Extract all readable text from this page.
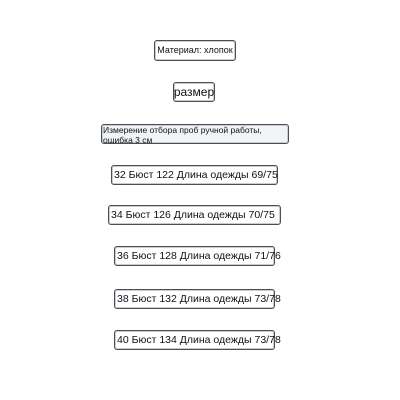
Материал: хлопок
размер
Измерение отбора проб ручной работы, ошибка 3 см
32 Бюст 122 Длина одежды 69/75
34 Бюст 126 Длина одежды 70/75
36 Бюст 128 Длина одежды 71/76
38 Бюст 132 Длина одежды 73/78
40 Бюст 134 Длина одежды 73/78
